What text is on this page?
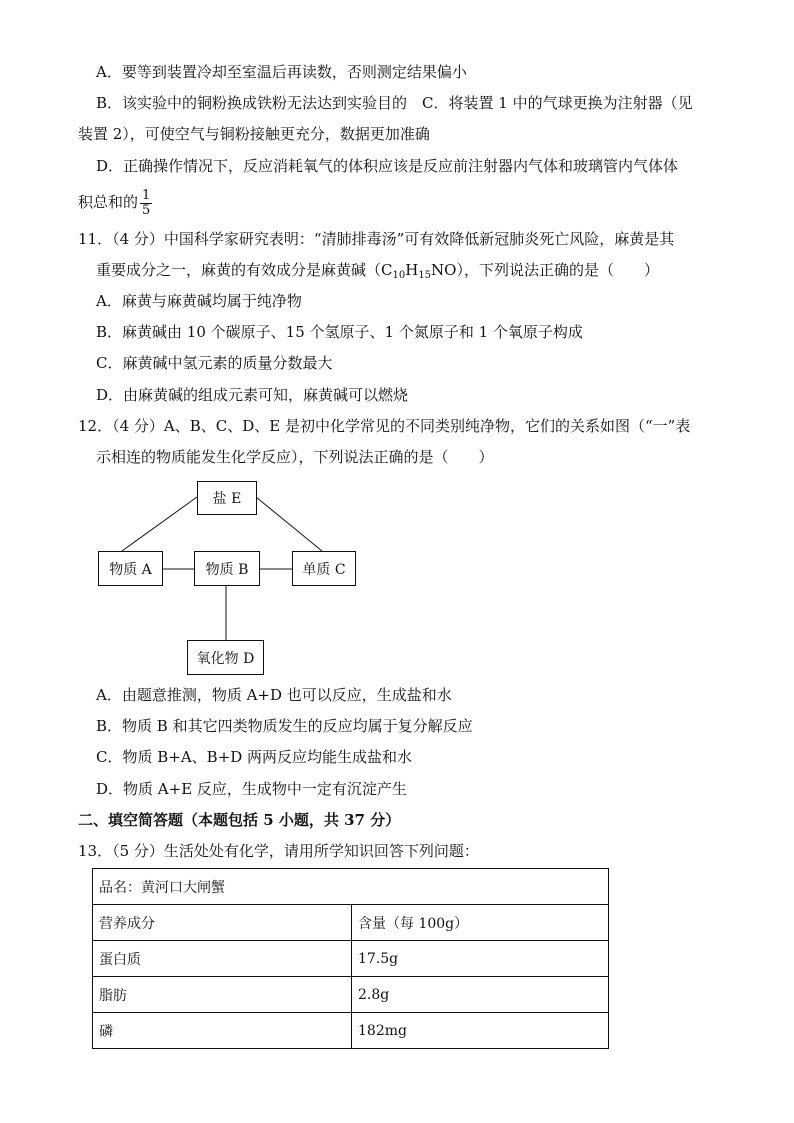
A．要等到装置冷却至室温后再读数，否则测定结果偏小
B．该实验中的铜粉换成铁粉无法达到实验目的　C．将装置 1 中的气球更换为注射器（见
装置 2），可使空气与铜粉接触更充分，数据更加准确
D．正确操作情况下，反应消耗氧气的体积应该是反应前注射器内气体和玻璃管内气体体
积总和的 $\frac{1}{5}$
11．（4 分）中国科学家研究表明：“清肺排毒汤”可有效降低新冠肺炎死亡风险，麻黄是其
重要成分之一，麻黄的有效成分是麻黄碱$(C_{10}H_{15}NO)$，下列说法正确的是（　　）
A．麻黄与麻黄碱均属于纯净物
B．麻黄碱由 10 个碳原子、15 个氢原子、1 个氮原子和 1 个氧原子构成
C．麻黄碱中氢元素的质量分数最大
D．由麻黄碱的组成元素可知，麻黄碱可以燃烧
12．（4 分）A、B、C、D、E 是初中化学常见的不同类别纯净物，它们的关系如图（“一”表
示相连的物质能发生化学反应），下列说法正确的是（　　）
盐 E
物质 A	物质 B	单质 C
氧化物 D
A．由题意推测，物质 A+D 也可以反应，生成盐和水
B．物质 B 和其它四类物质发生的反应均属于复分解反应
C．物质 B+A、B+D 两两反应均能生成盐和水
D．物质 A+E 反应，生成物中一定有沉淀产生
二、填空简答题（本题包括 5 小题，共 37 分）
13．（5 分）生活处处有化学，请用所学知识回答下列问题：
品名：黄河口大闸蟹	
营养成分	含量（每 100g）
蛋白质	17.5g
脂肪	2.8g
磷	182mg
